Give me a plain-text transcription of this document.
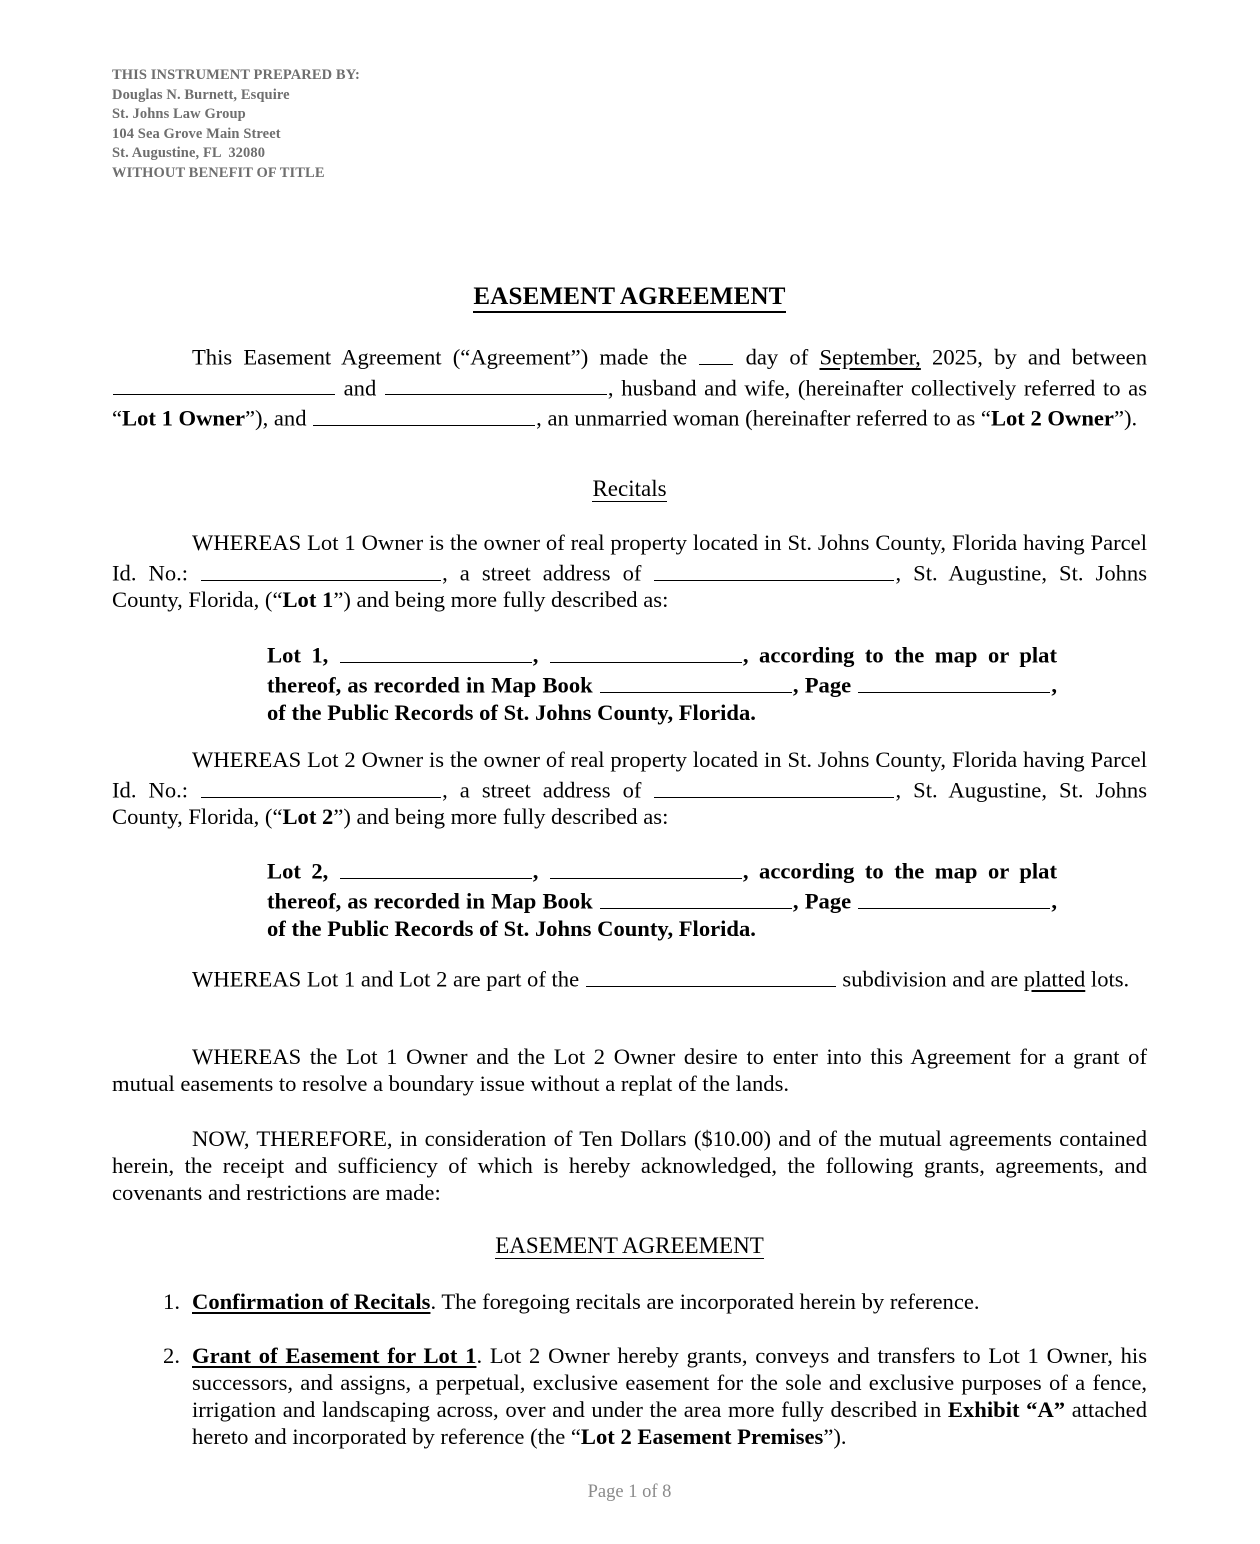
THIS INSTRUMENT PREPARED BY:
Douglas N. Burnett, Esquire
St. Johns Law Group
104 Sea Grove Main Street
St. Augustine, FL  32080
WITHOUT BENEFIT OF TITLE
EASEMENT AGREEMENT

This Easement Agreement (“Agreement”) made the  day of September, 2025, by and between  and	, husband and wife, (hereinafter collectively referred to as “Lot 1 Owner”), and	, an unmarried woman (hereinafter referred to as “Lot 2 Owner”).

Recitals

WHEREAS Lot 1 Owner is the owner of real property located in St. Johns County, Florida having Parcel Id. No.:	, a street address of	, St. Augustine, St. Johns County, Florida, (“Lot 1”) and being more fully described as:

Lot 1,	,	, according to the map or plat thereof, as recorded in Map Book	, Page	, of the Public Records of St. Johns County, Florida.

WHEREAS Lot 2 Owner is the owner of real property located in St. Johns County, Florida having Parcel Id. No.:	, a street address of	, St. Augustine, St. Johns County, Florida, (“Lot 2”) and being more fully described as:

Lot 2,	,	, according to the map or plat thereof, as recorded in Map Book	, Page	, of the Public Records of St. Johns County, Florida.

WHEREAS Lot 1 and Lot 2 are part of the	subdivision and are platted lots.

WHEREAS the Lot 1 Owner and the Lot 2 Owner desire to enter into this Agreement for a grant of mutual easements to resolve a boundary issue without a replat of the lands.

NOW, THEREFORE, in consideration of Ten Dollars ($10.00) and of the mutual agreements contained herein, the receipt and sufficiency of which is hereby acknowledged, the following grants, agreements, and covenants and restrictions are made:

EASEMENT AGREEMENT
1. Confirmation of Recitals. The foregoing recitals are incorporated herein by reference.
2. Grant of Easement for Lot 1. Lot 2 Owner hereby grants, conveys and transfers to Lot 1 Owner, his successors, and assigns, a perpetual, exclusive easement for the sole and exclusive purposes of a fence, irrigation and landscaping across, over and under the area more fully described in Exhibit “A” attached hereto and incorporated by reference (the “Lot 2 Easement Premises”).
Page 1 of 8
